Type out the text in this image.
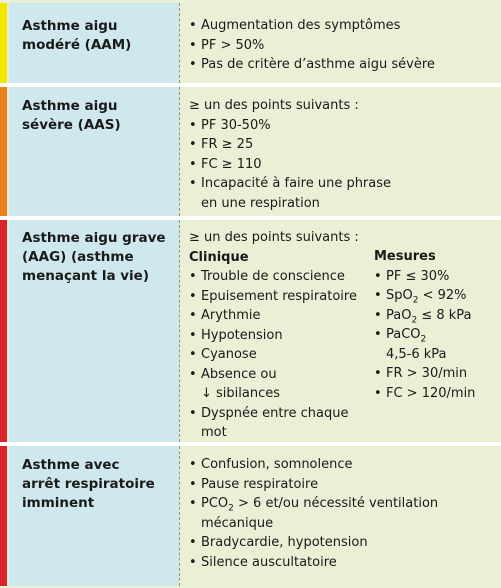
Asthme aigu
modéré (AAM)
• Augmentation des symptômes
• PF > 50%
• Pas de critère d’asthme aigu sévère
Asthme aigu
sévère (AAS)
≥ un des points suivants :
• PF 30-50%
• FR ≥ 25
• FC ≥ 110
• Incapacité à faire une phrase
en une respiration
Asthme aigu grave
(AAG) (asthme
menaçant la vie)
≥ un des points suivants :
Clinique
• Trouble de conscience
• Epuisement respiratoire
• Arythmie
• Hypotension
• Cyanose
• Absence ou
↓ sibilances
• Dyspnée entre chaque
mot
Mesures
• PF ≤ 30%
• SpO$_2$ < 92%
• PaO$_2$ ≤ 8 kPa
• PaCO$_2$
4,5-6 kPa
• FR > 30/min
• FC > 120/min
Asthme avec
arrêt respiratoire
imminent
• Confusion, somnolence
• Pause respiratoire
• $PCO_2 > 6$ et/ou nécessité ventilation
mécanique
• Bradycardie, hypotension
• Silence auscultatoire
